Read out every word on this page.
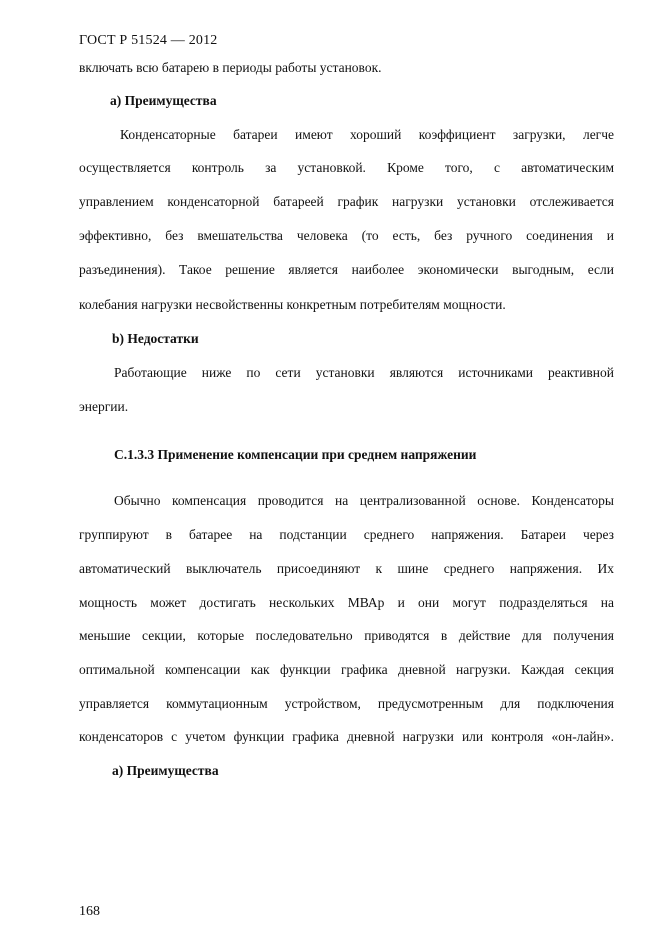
ГОСТ Р 51524 — 2012
включать всю батарею в периоды работы установок.
а) Преимущества
Конденсаторные батареи имеют хороший коэффициент загрузки, легче
осуществляется контроль за установкой. Кроме того, с автоматическим
управлением конденсаторной батареей график нагрузки установки отслеживается
эффективно, без вмешательства человека (то есть, без ручного соединения и
разъединения). Такое решение является наиболее экономически выгодным, если
колебания нагрузки несвойственны конкретным потребителям мощности.
b) Недостатки
Работающие ниже по сети установки являются источниками реактивной
энергии.
C.1.3.3 Применение компенсации при среднем напряжении
Обычно компенсация проводится на централизованной основе. Конденсаторы
группируют в батарее на подстанции среднего напряжения. Батареи через
автоматический выключатель присоединяют к шине среднего напряжения. Их
мощность может достигать нескольких МВАр и они могут подразделяться на
меньшие секции, которые последовательно приводятся в действие для получения
оптимальной компенсации как функции графика дневной нагрузки. Каждая секция
управляется коммутационным устройством, предусмотренным для подключения
конденсаторов с учетом функции графика дневной нагрузки или контроля «он-лайн».
а) Преимущества
168
